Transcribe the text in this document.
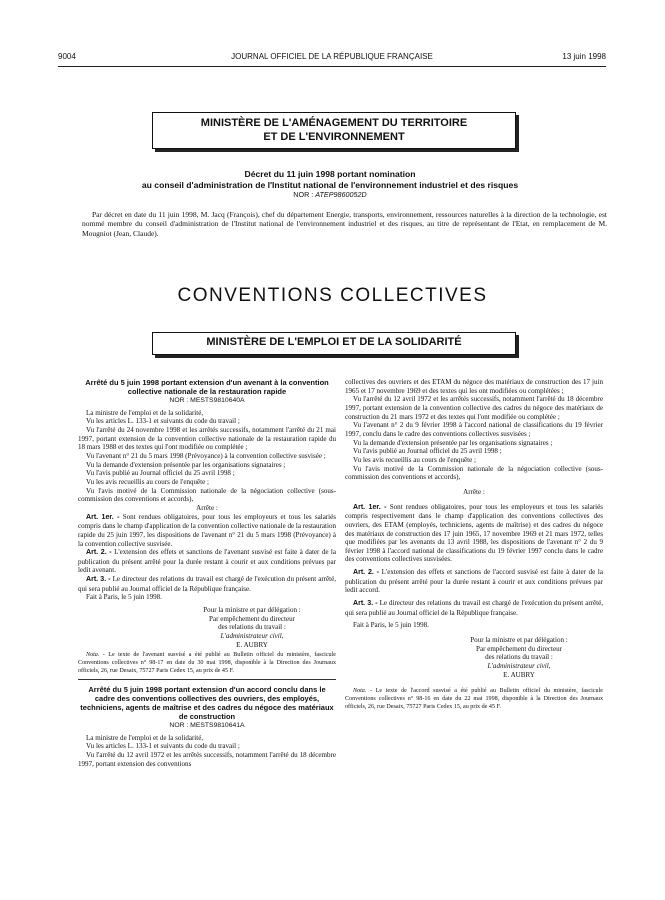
9004	JOURNAL OFFICIEL DE LA RÉPUBLIQUE FRANÇAISE	13 juin 1998
MINISTÈRE DE L'AMÉNAGEMENT DU TERRITOIRE
ET DE L'ENVIRONNEMENT
Décret du 11 juin 1998 portant nomination
au conseil d'administration de l'Institut national de l'environnement industriel et des risques
NOR : ATEP9860052D
Par décret en date du 11 juin 1998, M. Jacq (François), chef du département Energie, transports, environnement, ressources naturelles à la direction de la technologie, est nommé membre du conseil d'administration de l'Institut national de l'environnement industriel et des risques, au titre de représentant de l'Etat, en remplacement de M. Mougniot (Jean, Claude).
CONVENTIONS COLLECTIVES
MINISTÈRE DE L'EMPLOI ET DE LA SOLIDARITÉ
Arrêté du 5 juin 1998 portant extension d'un avenant à la convention collective nationale de la restauration rapide
NOR : MESTS9810640A

La ministre de l'emploi et de la solidarité,

Vu les articles L. 133-1 et suivants du code du travail ;

Vu l'arrêté du 24 novembre 1998 et les arrêtés successifs, notamment l'arrêté du 21 mai 1997, portant extension de la convention collective nationale de la restauration rapide du 18 mars 1988 et des textes qui l'ont modifiée ou complétée ;

Vu l'avenant n° 21 du 5 mars 1998 (Prévoyance) à la convention collective susvisée ;

Vu la demande d'extension présentée par les organisations signataires ;

Vu l'avis publié au Journal officiel du 25 avril 1998 ;

Vu les avis recueillis au cours de l'enquête ;

Vu l'avis motivé de la Commission nationale de la négociation collective (sous-commission des conventions et accords),

Arrête :

Art. 1er. - Sont rendues obligatoires, pour tous les employeurs et tous les salariés compris dans le champ d'application de la convention collective nationale de la restauration rapide du 25 juin 1997, les dispositions de l'avenant n° 21 du 5 mars 1998 (Prévoyance) à la convention collective susvisée.

Art. 2. - L'extension des effets et sanctions de l'avenant susvisé est faite à dater de la publication du présent arrêté pour la durée restant à courir et aux conditions prévues par ledit avenant.

Art. 3. - Le directeur des relations du travail est chargé de l'exécution du présent arrêté, qui sera publié au Journal officiel de la République française.

Fait à Paris, le 5 juin 1998.

Pour la ministre et par délégation :

Par empêchement du directeur

des relations du travail :

L'administrateur civil,

E. AUBRY

Nota. - Le texte de l'avenant susvisé a été publié au Bulletin officiel du ministère, fascicule Conventions collectives n° 98-17 en date du 30 mai 1998, disponible à la Direction des Journaux officiels, 26, rue Desaix, 75727 Paris Cedex 15, au prix de 45 F.

Arrêté du 5 juin 1998 portant extension d'un accord conclu dans le cadre des conventions collectives des ouvriers, des employés, techniciens, agents de maîtrise et des cadres du négoce des matériaux de construction
NOR : MESTS9810641A

La ministre de l'emploi et de la solidarité,

Vu les articles L. 133-1 et suivants du code du travail ;

Vu l'arrêté du 12 avril 1972 et les arrêtés successifs, notamment l'arrêté du 18 décembre 1997, portant extension des conventions

collectives des ouvriers et des ETAM du négoce des matériaux de construction des 17 juin 1965 et 17 novembre 1969 et des textes qui les ont modifiées ou complétées ;

Vu l'arrêté du 12 avril 1972 et les arrêtés successifs, notamment l'arrêté du 18 décembre 1997, portant extension de la convention collective des cadres du négoce des matériaux de construction du 21 mars 1972 et des textes qui l'ont modifiée ou complétée ;

Vu l'avenant n° 2 du 9 février 1998 à l'accord national de classifications du 19 février 1997, conclu dans le cadre des conventions collectives susvisées ;

Vu la demande d'extension présentée par les organisations signataires ;

Vu l'avis publié au Journal officiel du 25 avril 1998 ;

Vu les avis recueillis au cours de l'enquête ;

Vu l'avis motivé de la Commission nationale de la négociation collective (sous-commission des conventions et accords),

Arrête :

Art. 1er. - Sont rendues obligatoires, pour tous les employeurs et tous les salariés compris respectivement dans le champ d'application des conventions collectives des ouvriers, des ETAM (employés, techniciens, agents de maîtrise) et des cadres du négoce des matériaux de construction des 17 juin 1965, 17 novembre 1969 et 21 mars 1972, telles que modifiées par les avenants du 13 avril 1988, les dispositions de l'avenant n° 2 du 9 février 1998 à l'accord national de classifications du 19 février 1997 conclu dans le cadre des conventions collectives susvisées.

Art. 2. - L'extension des effets et sanctions de l'accord susvisé est faite à dater de la publication du présent arrêté pour la durée restant à courir et aux conditions prévues par ledit accord.

Art. 3. - Le directeur des relations du travail est chargé de l'exécution du présent arrêté, qui sera publié au Journal officiel de la République française.

Fait à Paris, le 5 juin 1998.

Pour la ministre et par délégation :

Par empêchement du directeur

des relations du travail :

L'administrateur civil,

E. AUBRY

Nota. - Le texte de l'accord susvisé a été publié au Bulletin officiel du ministère, fascicule Conventions collectives n° 98-16 en date du 22 mai 1998, disponible à la Direction des Journaux officiels, 26, rue Desaix, 75727 Paris Cedex 15, au prix de 45 F.
